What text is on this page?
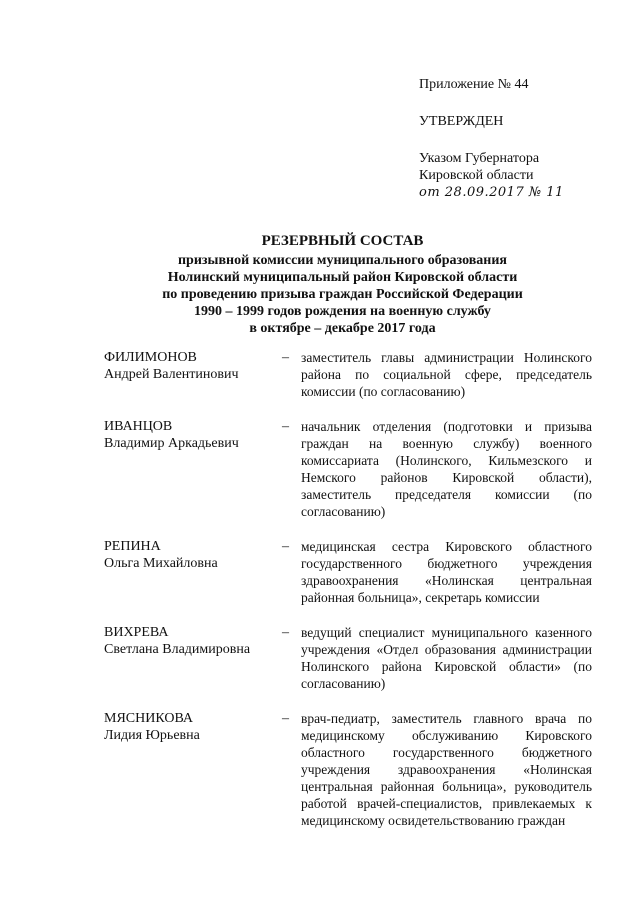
Приложение № 44
УТВЕРЖДЕН
Указом Губернатора
Кировской области
от 28.09.2017 № 11
РЕЗЕРВНЫЙ СОСТАВ
призывной комиссии муниципального образования
Нолинский муниципальный район Кировской области
по проведению призыва граждан Российской Федерации
1990 – 1999 годов рождения на военную службу
в октябре – декабре 2017 года
ФИЛИМОНОВ
Андрей Валентинович
– заместитель главы администрации Нолинского района по социальной сфере, председатель комиссии (по согласованию)
ИВАНЦОВ
Владимир Аркадьевич
– начальник отделения (подготовки и призыва граждан на военную службу) военного комиссариата (Нолинского, Кильмезского и Немского районов Кировской области), заместитель председателя комиссии (по согласованию)
РЕПИНА
Ольга Михайловна
– медицинская сестра Кировского областного государственного бюджетного учреждения здравоохранения «Нолинская центральная районная больница», секретарь комиссии
ВИХРЕВА
Светлана Владимировна
– ведущий специалист муниципального казенного учреждения «Отдел образования администрации Нолинского района Кировской области» (по согласованию)
МЯСНИКОВА
Лидия Юрьевна
– врач-педиатр, заместитель главного врача по медицинскому обслуживанию Кировского областного государственного бюджетного учреждения здравоохранения «Нолинская центральная районная больница», руководитель работой врачей-специалистов, привлекаемых к медицинскому освидетельствованию граждан
